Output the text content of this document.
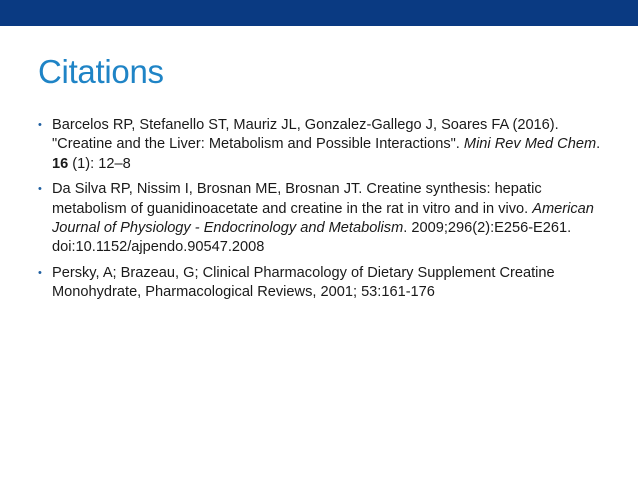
Citations
• Barcelos RP, Stefanello ST, Mauriz JL, Gonzalez-Gallego J, Soares FA (2016). "Creatine and the Liver: Metabolism and Possible Interactions". Mini Rev Med Chem. 16 (1): 12–8
• Da Silva RP, Nissim I, Brosnan ME, Brosnan JT. Creatine synthesis: hepatic metabolism of guanidinoacetate and creatine in the rat in vitro and in vivo. American Journal of Physiology - Endocrinology and Metabolism. 2009;296(2):E256-E261. doi:10.1152/ajpendo.90547.2008
• Persky, A; Brazeau, G; Clinical Pharmacology of Dietary Supplement Creatine Monohydrate, Pharmacological Reviews, 2001; 53:161-176
